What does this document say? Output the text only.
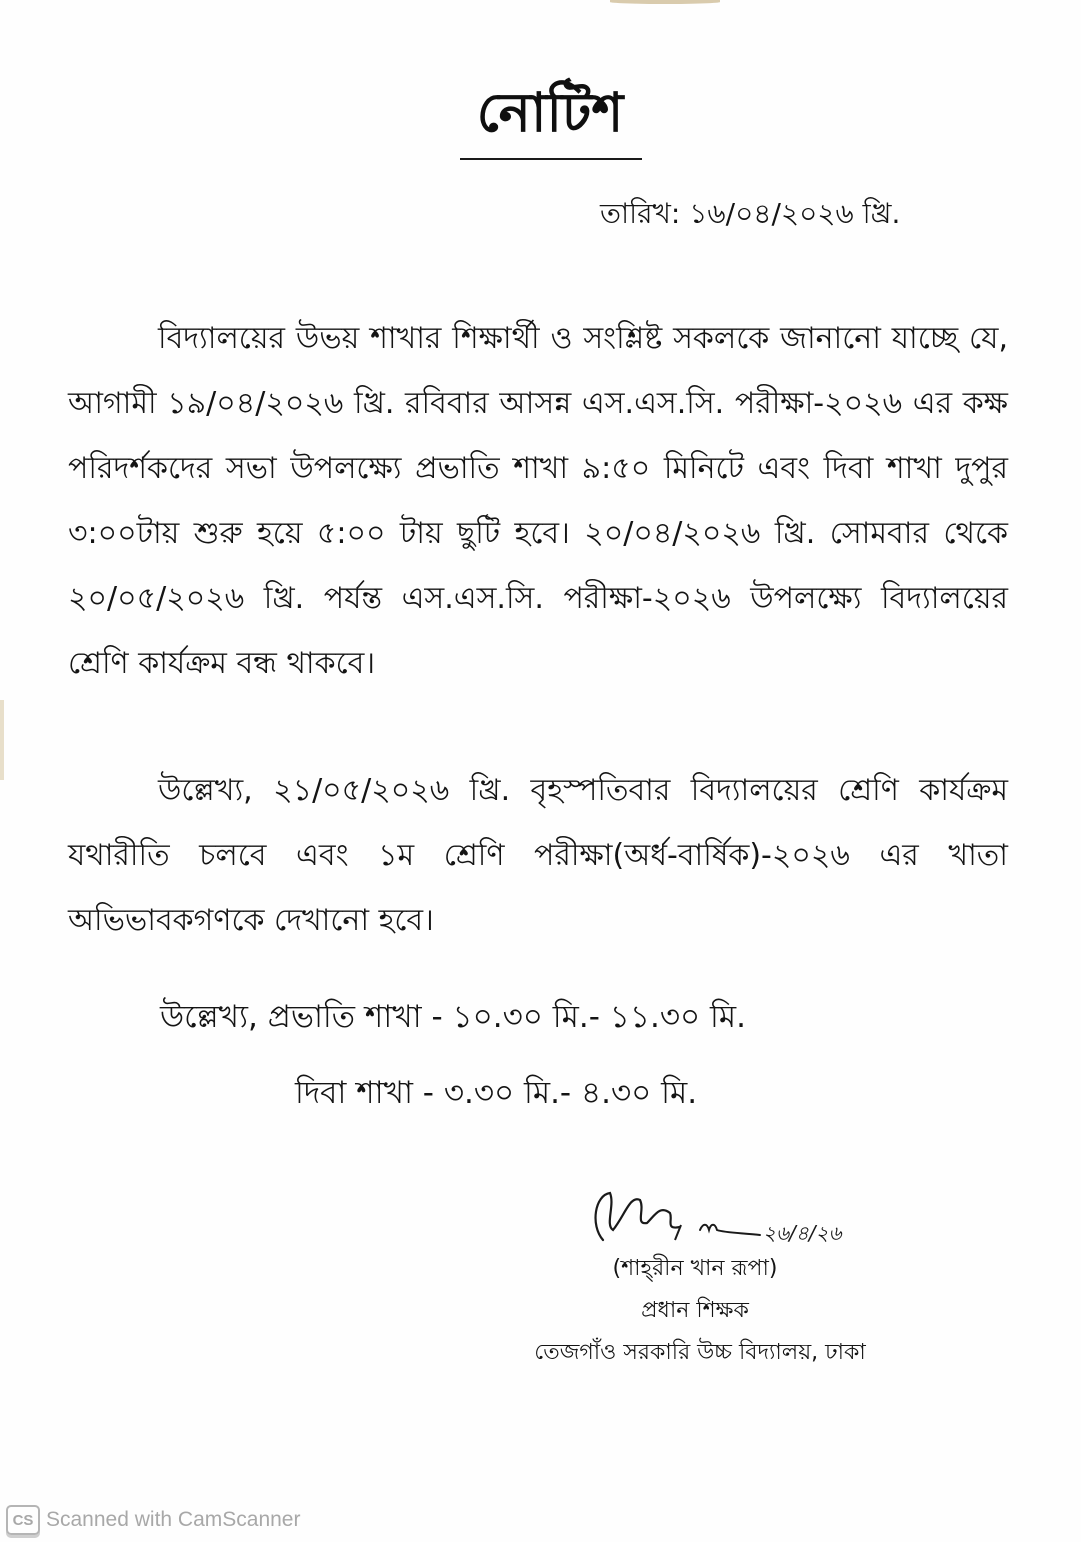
নোটিশ
তারিখ: ১৬/০৪/২০২৬ খ্রি.

বিদ্যালয়ের উভয় শাখার শিক্ষার্থী ও সংশ্লিষ্ট সকলকে জানানো যাচ্ছে যে, আগামী ১৯/০৪/২০২৬ খ্রি. রবিবার আসন্ন এস.এস.সি. পরীক্ষা-২০২৬ এর কক্ষ পরিদর্শকদের সভা উপলক্ষ্যে প্রভাতি শাখা ৯:৫০ মিনিটে এবং দিবা শাখা দুপুর ৩:০০টায় শুরু হয়ে ৫:০০ টায় ছুটি হবে। ২০/০৪/২০২৬ খ্রি. সোমবার থেকে ২০/০৫/২০২৬ খ্রি. পর্যন্ত এস.এস.সি. পরীক্ষা-২০২৬ উপলক্ষ্যে বিদ্যালয়ের শ্রেণি কার্যক্রম বন্ধ থাকবে।

উল্লেখ্য, ২১/০৫/২০২৬ খ্রি. বৃহস্পতিবার বিদ্যালয়ের শ্রেণি কার্যক্রম যথারীতি চলবে এবং ১ম শ্রেণি পরীক্ষা(অর্ধ-বার্ষিক)-২০২৬ এর খাতা অভিভাবকগণকে দেখানো হবে।

উল্লেখ্য, প্রভাতি শাখা - ১০.৩০ মি.- ১১.৩০ মি.
দিবা শাখা - ৩.৩০ মি.- ৪.৩০ মি.
২৬/৪/২৬
(শাহ্‌রীন খান রূপা)
প্রধান শিক্ষক
তেজগাঁও সরকারি উচ্চ বিদ্যালয়, ঢাকা
CS Scanned with CamScanner
